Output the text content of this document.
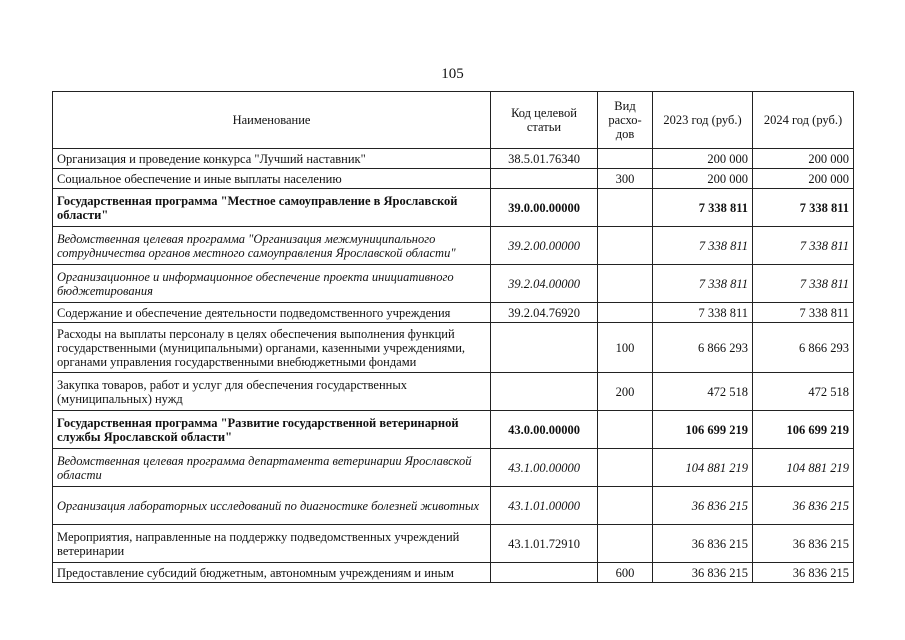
105
Наименование	Код целевой статьи	Вид расхо-дов	2023 год (руб.)	2024 год (руб.)
Организация и проведение конкурса "Лучший наставник"	38.5.01.76340		200 000	200 000
Социальное обеспечение и иные выплаты населению		300	200 000	200 000
Государственная программа "Местное самоуправление в Ярославской области"	39.0.00.00000		7 338 811	7 338 811
Ведомственная целевая программа "Организация межмуниципального сотрудничества органов местного самоуправления Ярославской области"	39.2.00.00000		7 338 811	7 338 811
Организационное и информационное обеспечение проекта инициативного бюджетирования	39.2.04.00000		7 338 811	7 338 811
Содержание и обеспечение деятельности подведомственного учреждения	39.2.04.76920		7 338 811	7 338 811
Расходы на выплаты персоналу в целях обеспечения выполнения функций государственными (муниципальными) органами, казенными учреждениями, органами управления государственными внебюджетными фондами		100	6 866 293	6 866 293
Закупка товаров, работ и услуг для обеспечения государственных (муниципальных) нужд		200	472 518	472 518
Государственная программа "Развитие государственной ветеринарной службы Ярославской области"	43.0.00.00000		106 699 219	106 699 219
Ведомственная целевая программа департамента ветеринарии Ярославской области	43.1.00.00000		104 881 219	104 881 219
Организация лабораторных исследований по диагностике болезней животных	43.1.01.00000		36 836 215	36 836 215
Мероприятия, направленные на поддержку подведомственных учреждений ветеринарии	43.1.01.72910		36 836 215	36 836 215
Предоставление субсидий бюджетным, автономным учреждениям и иным		600	36 836 215	36 836 215
